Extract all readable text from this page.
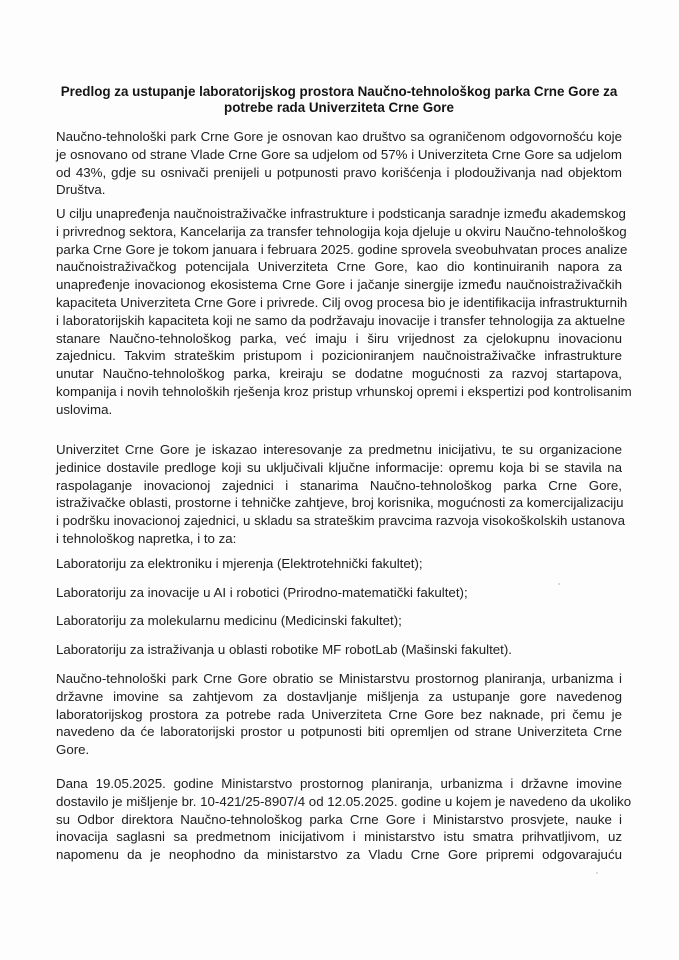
Predlog za ustupanje laboratorijskog prostora Naučno-tehnološkog parka Crne Gore za
potrebe rada Univerziteta Crne Gore

Naučno-tehnološki park Crne Gore je osnovan kao društvo sa ograničenom odgovornošću koje
je osnovano od strane Vlade Crne Gore sa udjelom od 57% i Univerziteta Crne Gore sa udjelom
od 43%, gdje su osnivači prenijeli u potpunosti pravo korišćenja i plodouživanja nad objektom
Društva.

U cilju unapređenja naučnoistraživačke infrastrukture i podsticanja saradnje između akademskog
i privrednog sektora, Kancelarija za transfer tehnologija koja djeluje u okviru Naučno-tehnološkog
parka Crne Gore je tokom januara i februara 2025. godine sprovela sveobuhvatan proces analize
naučnoistraživačkog potencijala Univerziteta Crne Gore, kao dio kontinuiranih napora za
unapređenje inovacionog ekosistema Crne Gore i jačanje sinergije između naučnoistraživačkih
kapaciteta Univerziteta Crne Gore i privrede. Cilj ovog procesa bio je identifikacija infrastrukturnih
i laboratorijskih kapaciteta koji ne samo da podržavaju inovacije i transfer tehnologija za aktuelne
stanare Naučno-tehnološkog parka, već imaju i širu vrijednost za cjelokupnu inovacionu
zajednicu. Takvim strateškim pristupom i pozicioniranjem naučnoistraživačke infrastrukture
unutar Naučno-tehnološkog parka, kreiraju se dodatne mogućnosti za razvoj startapova,
kompanija i novih tehnoloških rješenja kroz pristup vrhunskoj opremi i ekspertizi pod kontrolisanim
uslovima.

Univerzitet Crne Gore je iskazao interesovanje za predmetnu inicijativu, te su organizacione
jedinice dostavile predloge koji su uključivali ključne informacije: opremu koja bi se stavila na
raspolaganje inovacionoj zajednici i stanarima Naučno-tehnološkog parka Crne Gore,
istraživačke oblasti, prostorne i tehničke zahtjeve, broj korisnika, mogućnosti za komercijalizaciju
i podršku inovacionoj zajednici, u skladu sa strateškim pravcima razvoja visokoškolskih ustanova
i tehnološkog napretka, i to za:

Laboratoriju za elektroniku i mjerenja (Elektrotehnički fakultet);

Laboratoriju za inovacije u AI i robotici (Prirodno-matematički fakultet);

Laboratoriju za molekularnu medicinu (Medicinski fakultet);

Laboratoriju za istraživanja u oblasti robotike MF robotLab (Mašinski fakultet).

Naučno-tehnološki park Crne Gore obratio se Ministarstvu prostornog planiranja, urbanizma i
državne imovine sa zahtjevom za dostavljanje mišljenja za ustupanje gore navedenog
laboratorijskog prostora za potrebe rada Univerziteta Crne Gore bez naknade, pri čemu je
navedeno da će laboratorijski prostor u potpunosti biti opremljen od strane Univerziteta Crne
Gore.

Dana 19.05.2025. godine Ministarstvo prostornog planiranja, urbanizma i državne imovine
dostavilo je mišljenje br. 10-421/25-8907/4 od 12.05.2025. godine u kojem je navedeno da ukoliko
su Odbor direktora Naučno-tehnološkog parka Crne Gore i Ministarstvo prosvjete, nauke i
inovacija saglasni sa predmetnom inicijativom i ministarstvo istu smatra prihvatljivom, uz
napomenu da je neophodno da ministarstvo za Vladu Crne Gore pripremi odgovarajuću
